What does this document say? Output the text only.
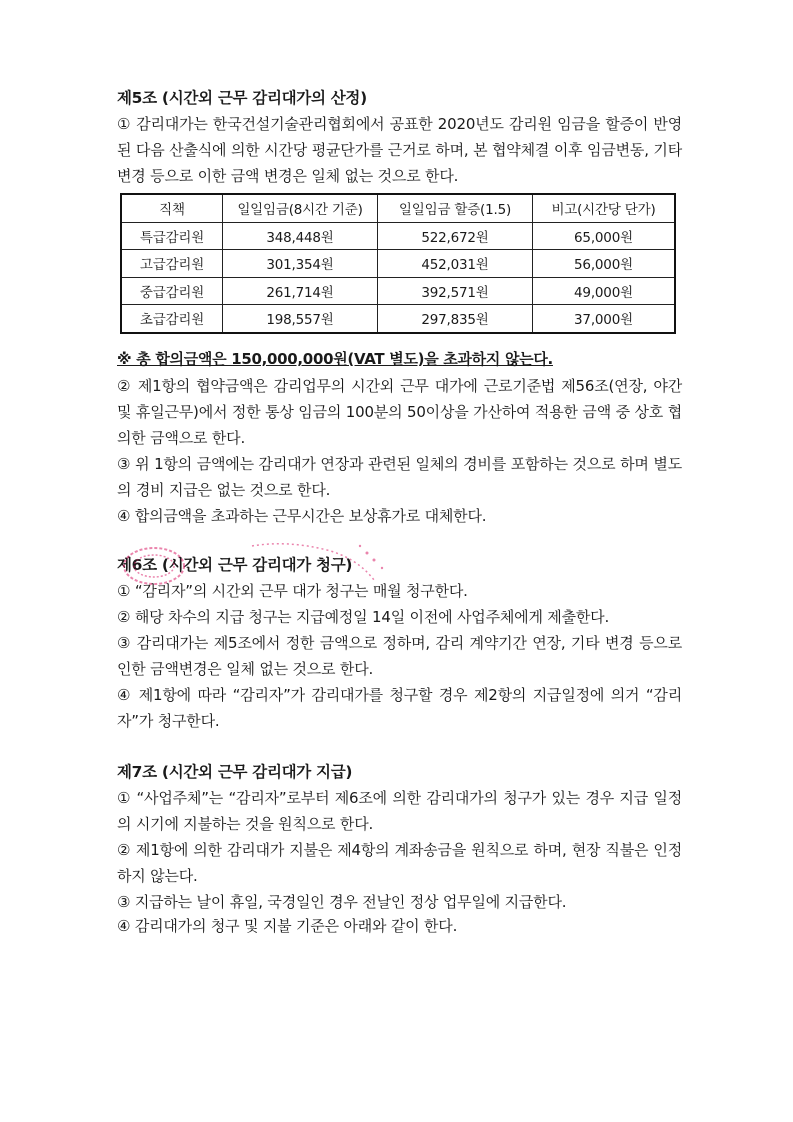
제5조 (시간외 근무 감리대가의 산정)

① 감리대가는 한국건설기술관리협회에서 공표한 2020년도 감리원 임금을 할증이 반영된 다음 산출식에 의한 시간당 평균단가를 근거로 하며, 본 협약체결 이후 임금변동, 기타 변경 등으로 이한 금액 변경은 일체 없는 것으로 한다.

직책	일일임금(8시간 기준)	일일임금 할증(1.5)	비고(시간당 단가)
특급감리원	348,448원	522,672원	65,000원
고급감리원	301,354원	452,031원	56,000원
중급감리원	261,714원	392,571원	49,000원
초급감리원	198,557원	297,835원	37,000원
※ 총 합의금액은 150,000,000원(VAT 별도)을 초과하지 않는다.

② 제1항의 협약금액은 감리업무의 시간외 근무 대가에 근로기준법 제56조(연장, 야간 및 휴일근무)에서 정한 통상 임금의 100분의 50이상을 가산하여 적용한 금액 중 상호 협의한 금액으로 한다.

③ 위 1항의 금액에는 감리대가 연장과 관련된 일체의 경비를 포함하는 것으로 하며 별도의 경비 지급은 없는 것으로 한다.

④ 합의금액을 초과하는 근무시간은 보상휴가로 대체한다.

제6조 (시간외 근무 감리대가 청구)

① “감리자”의 시간외 근무 대가 청구는 매월 청구한다.

② 해당 차수의 지급 청구는 지급예정일 14일 이전에 사업주체에게 제출한다.

③ 감리대가는 제5조에서 정한 금액으로 정하며, 감리 계약기간 연장, 기타 변경 등으로 인한 금액변경은 일체 없는 것으로 한다.

④ 제1항에 따라 “감리자”가 감리대가를 청구할 경우 제2항의 지급일정에 의거 “감리자”가 청구한다.

제7조 (시간외 근무 감리대가 지급)

① “사업주체”는 “감리자”로부터 제6조에 의한 감리대가의 청구가 있는 경우 지급 일정의 시기에 지불하는 것을 원칙으로 한다.

② 제1항에 의한 감리대가 지불은 제4항의 계좌송금을 원칙으로 하며, 현장 직불은 인정하지 않는다.

③ 지급하는 날이 휴일, 국경일인 경우 전날인 정상 업무일에 지급한다.

④ 감리대가의 청구 및 지불 기준은 아래와 같이 한다.
